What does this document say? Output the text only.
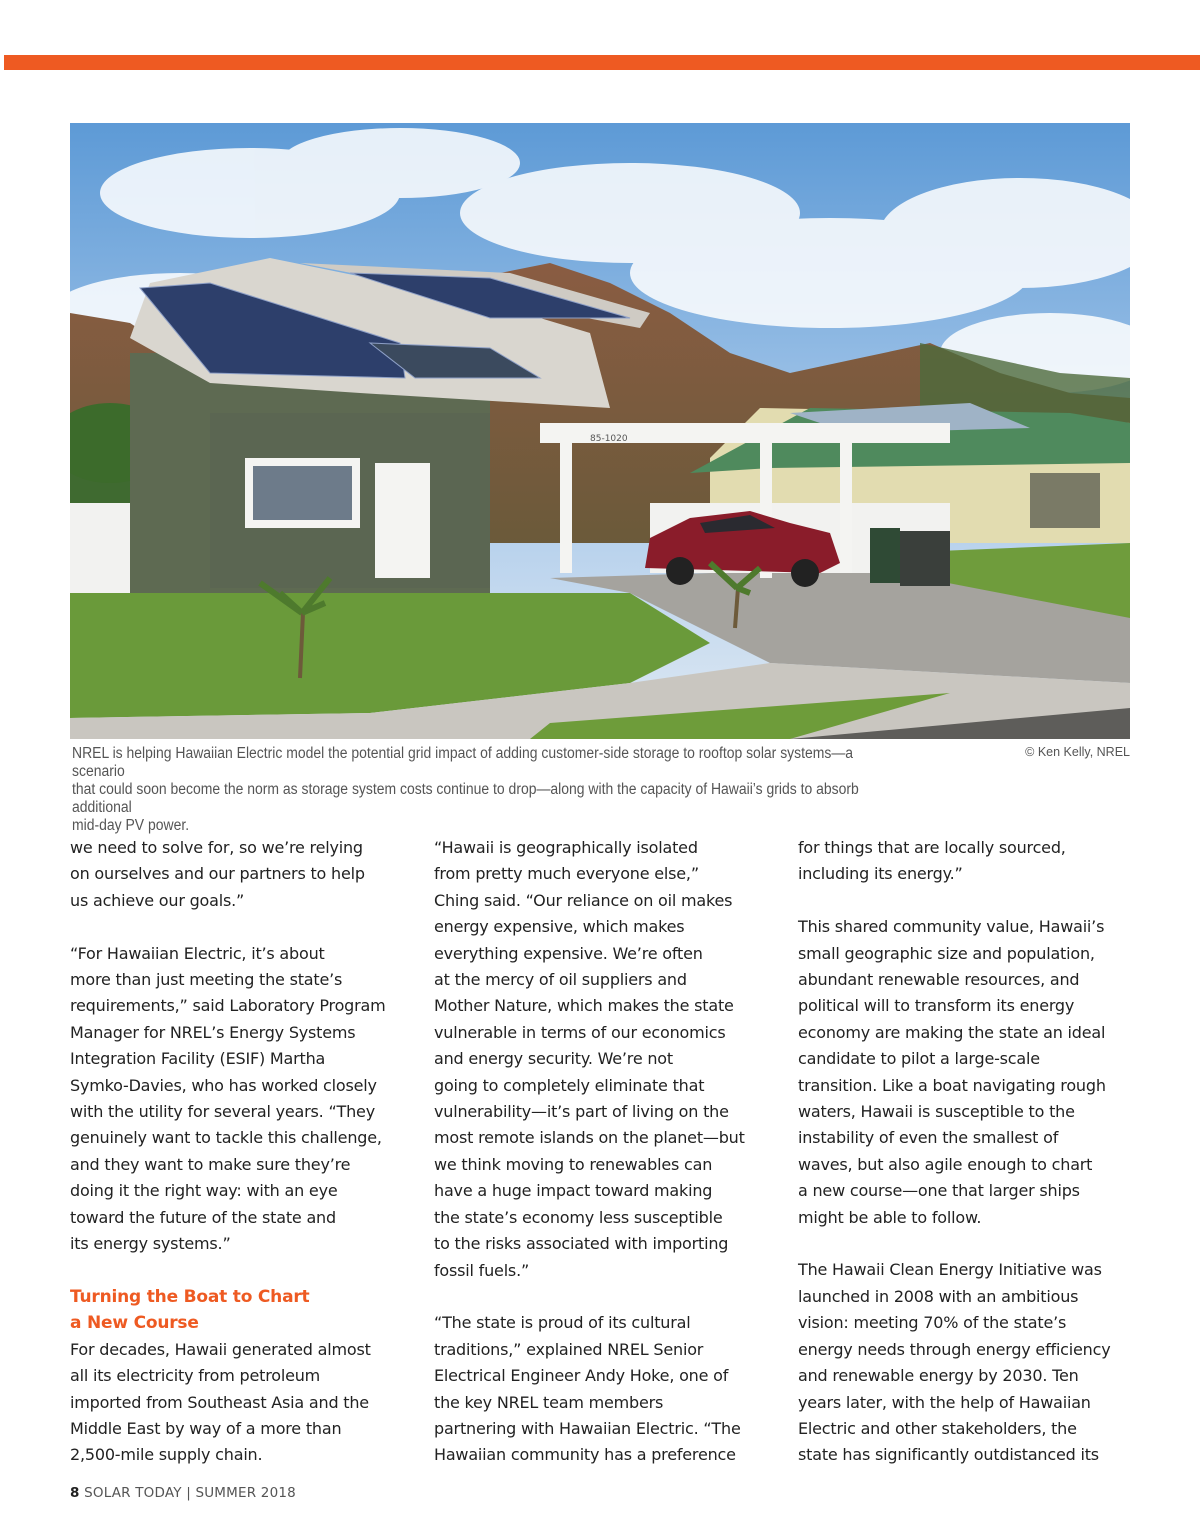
85-1020
NREL is helping Hawaiian Electric model the potential grid impact of adding customer-side storage to rooftop solar systems—a scenario
that could soon become the norm as storage system costs continue to drop—along with the capacity of Hawaii’s grids to absorb additional
mid-day PV power.
© Ken Kelly, NREL

we need to solve for, so we’re relying
on ourselves and our partners to help
us achieve our goals.”

“For Hawaiian Electric, it’s about
more than just meeting the state’s
requirements,” said Laboratory Program
Manager for NREL’s Energy Systems
Integration Facility (ESIF) Martha
Symko-Davies, who has worked closely
with the utility for several years. “They
genuinely want to tackle this challenge,
and they want to make sure they’re
doing it the right way: with an eye
toward the future of the state and
its energy systems.”

Turning the Boat to Chart
a New Course

For decades, Hawaii generated almost
all its electricity from petroleum
imported from Southeast Asia and the
Middle East by way of a more than
2,500-mile supply chain.

“Hawaii is geographically isolated
from pretty much everyone else,”
Ching said. “Our reliance on oil makes
energy expensive, which makes
everything expensive. We’re often
at the mercy of oil suppliers and
Mother Nature, which makes the state
vulnerable in terms of our economics
and energy security. We’re not
going to completely eliminate that
vulnerability—it’s part of living on the
most remote islands on the planet—but
we think moving to renewables can
have a huge impact toward making
the state’s economy less susceptible
to the risks associated with importing
fossil fuels.”

“The state is proud of its cultural
traditions,” explained NREL Senior
Electrical Engineer Andy Hoke, one of
the key NREL team members
partnering with Hawaiian Electric. “The
Hawaiian community has a preference

for things that are locally sourced,
including its energy.”

This shared community value, Hawaii’s
small geographic size and population,
abundant renewable resources, and
political will to transform its energy
economy are making the state an ideal
candidate to pilot a large-scale
transition. Like a boat navigating rough
waters, Hawaii is susceptible to the
instability of even the smallest of
waves, but also agile enough to chart
a new course—one that larger ships
might be able to follow.

The Hawaii Clean Energy Initiative was
launched in 2008 with an ambitious
vision: meeting 70% of the state’s
energy needs through energy efficiency
and renewable energy by 2030. Ten
years later, with the help of Hawaiian
Electric and other stakeholders, the
state has significantly outdistanced its

8 SOLAR TODAY | SUMMER 2018
